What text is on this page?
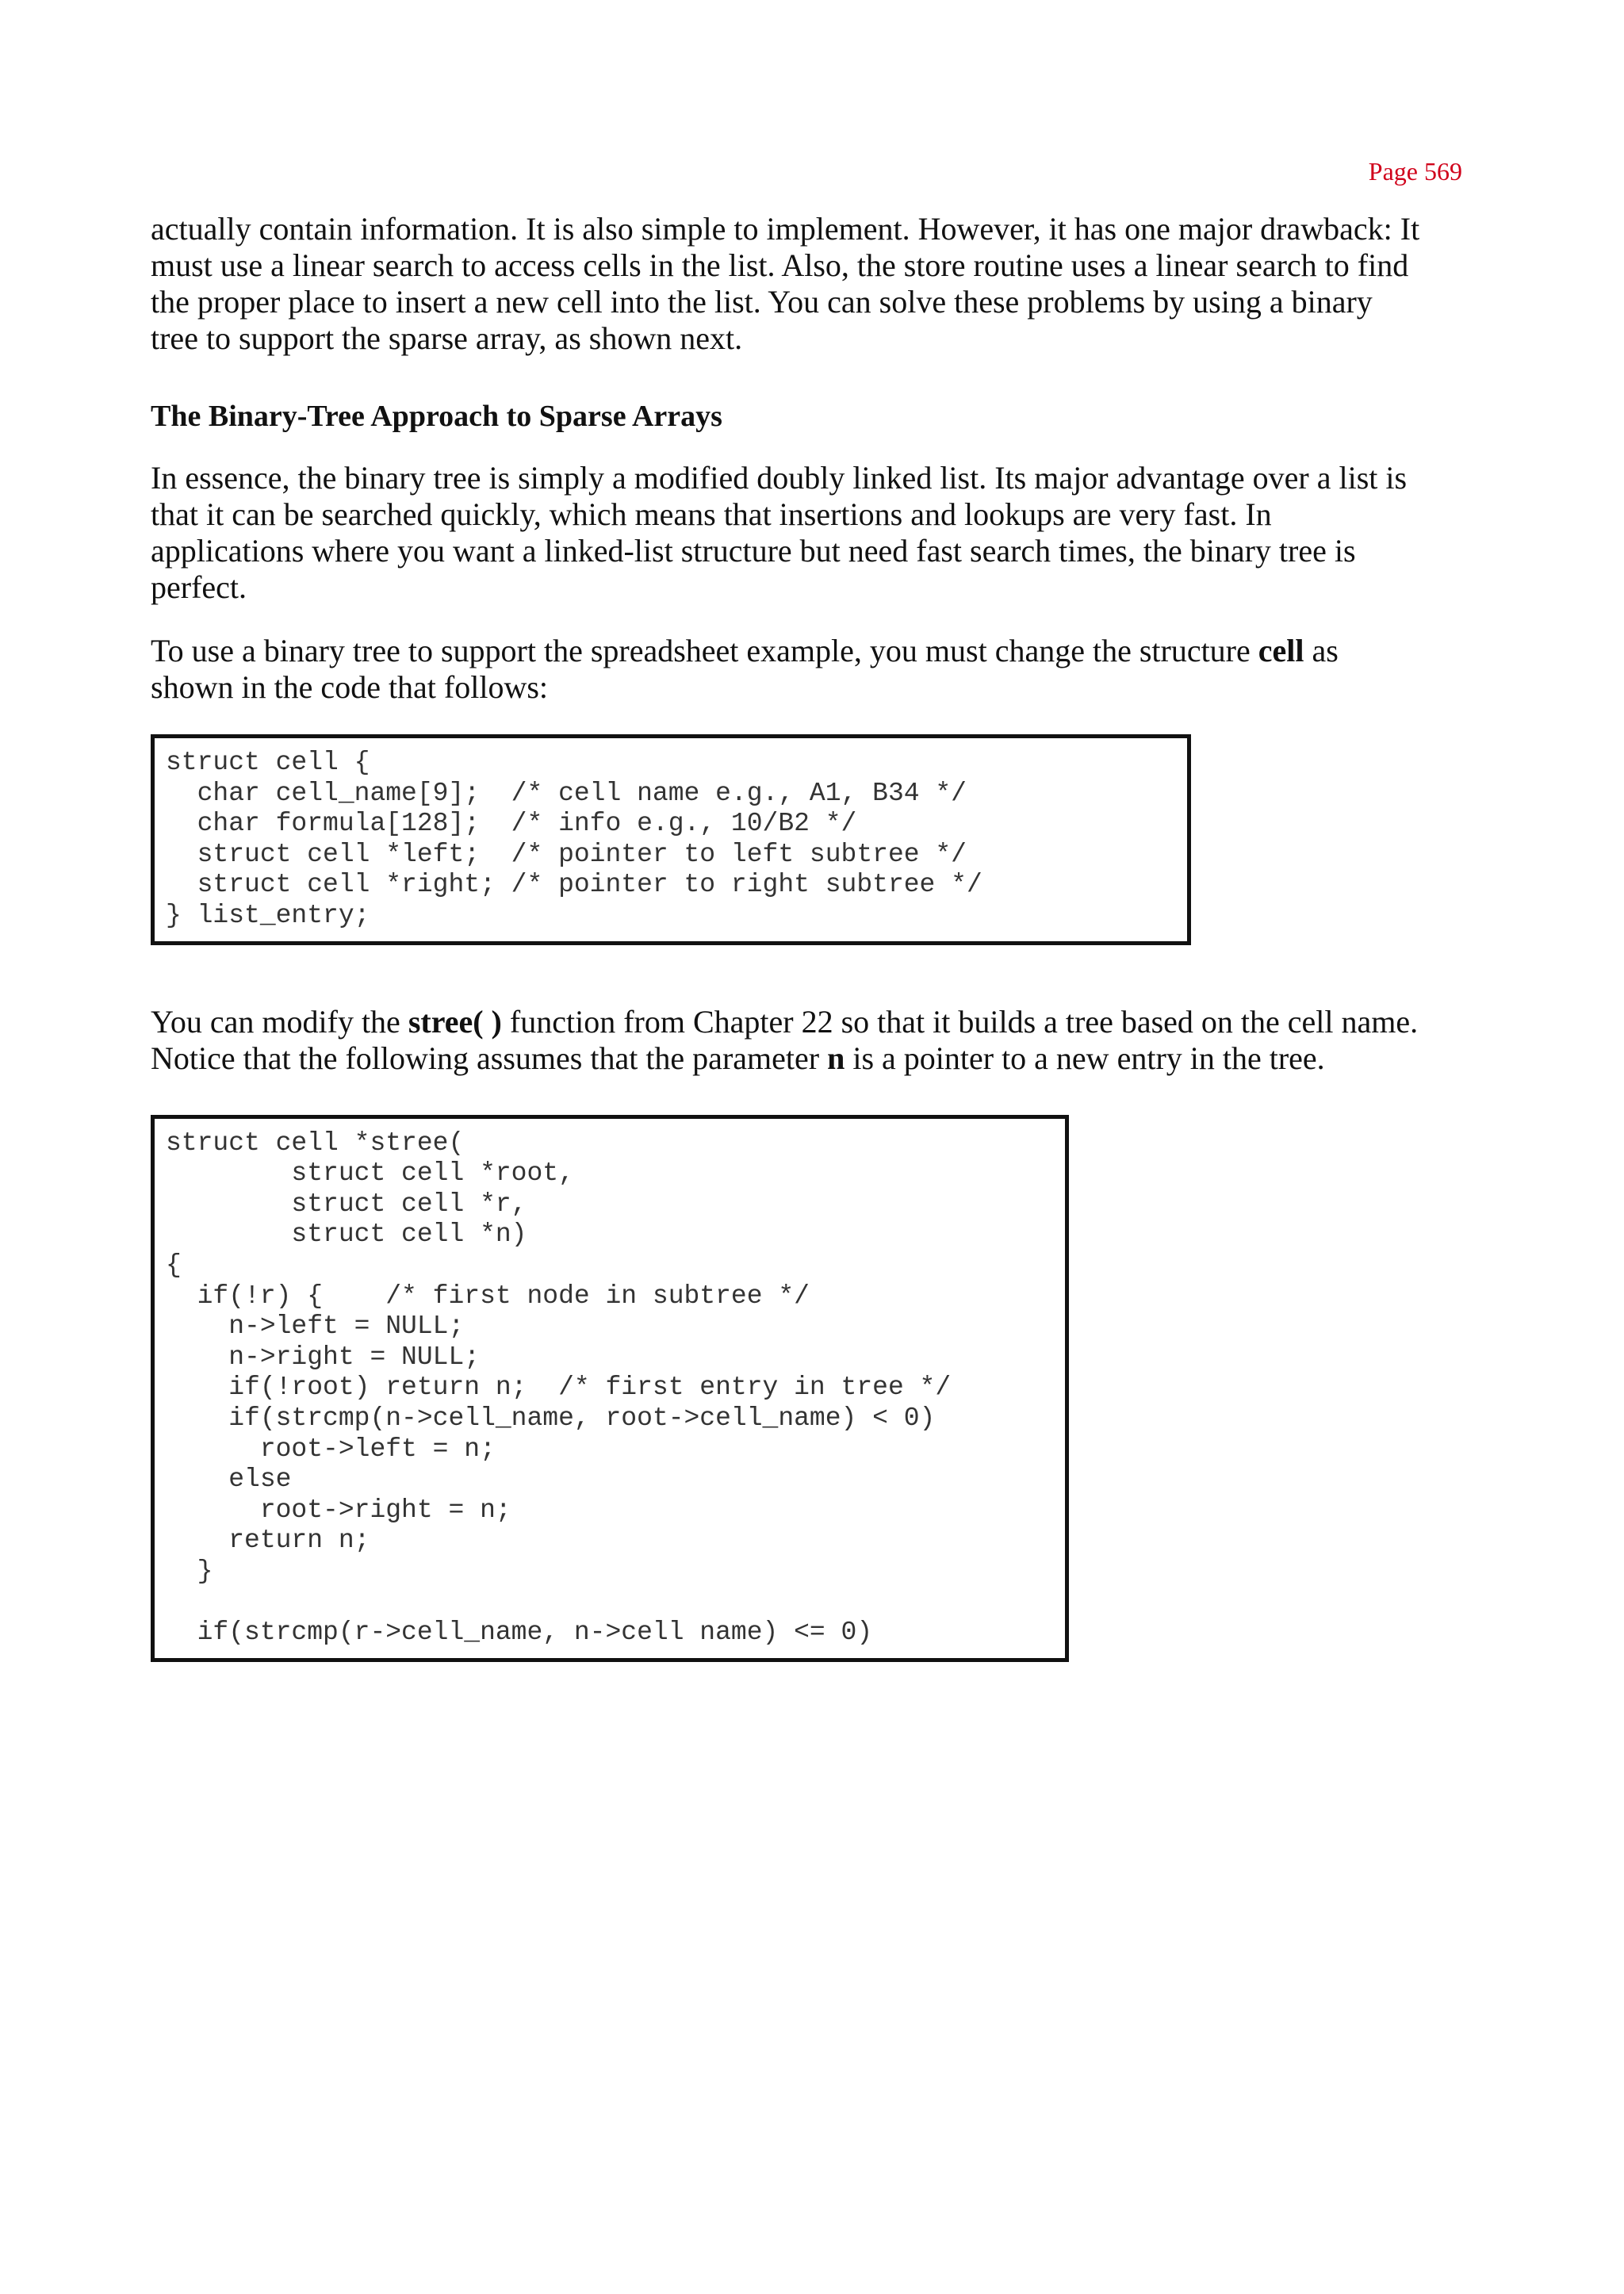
Page 569

actually contain information. It is also simple to implement. However, it has one major drawback: It
must use a linear search to access cells in the list. Also, the store routine uses a linear search to find
the proper place to insert a new cell into the list. You can solve these problems by using a binary
tree to support the sparse array, as shown next.

The Binary-Tree Approach to Sparse Arrays

In essence, the binary tree is simply a modified doubly linked list. Its major advantage over a list is
that it can be searched quickly, which means that insertions and lookups are very fast. In
applications where you want a linked-list structure but need fast search times, the binary tree is
perfect.

To use a binary tree to support the spreadsheet example, you must change the structure cell as
shown in the code that follows:

struct cell {
char cell_name[9];  /* cell name e.g., A1, B34 */
char formula[128];  /* info e.g., 10/B2 */
struct cell *left;  /* pointer to left subtree */
struct cell *right; /* pointer to right subtree */
} list_entry;

You can modify the stree( ) function from Chapter 22 so that it builds a tree based on the cell name.
Notice that the following assumes that the parameter n is a pointer to a new entry in the tree.

struct cell *stree(
struct cell *root,
struct cell *r,
struct cell *n)
{
if(!r) {    /* first node in subtree */
n->left = NULL;
n->right = NULL;
if(!root) return n;  /* first entry in tree */
if(strcmp(n->cell_name, root->cell_name) < 0)
root->left = n;
else
root->right = n;
return n;
}

if(strcmp(r->cell_name, n->cell name) <= 0)
